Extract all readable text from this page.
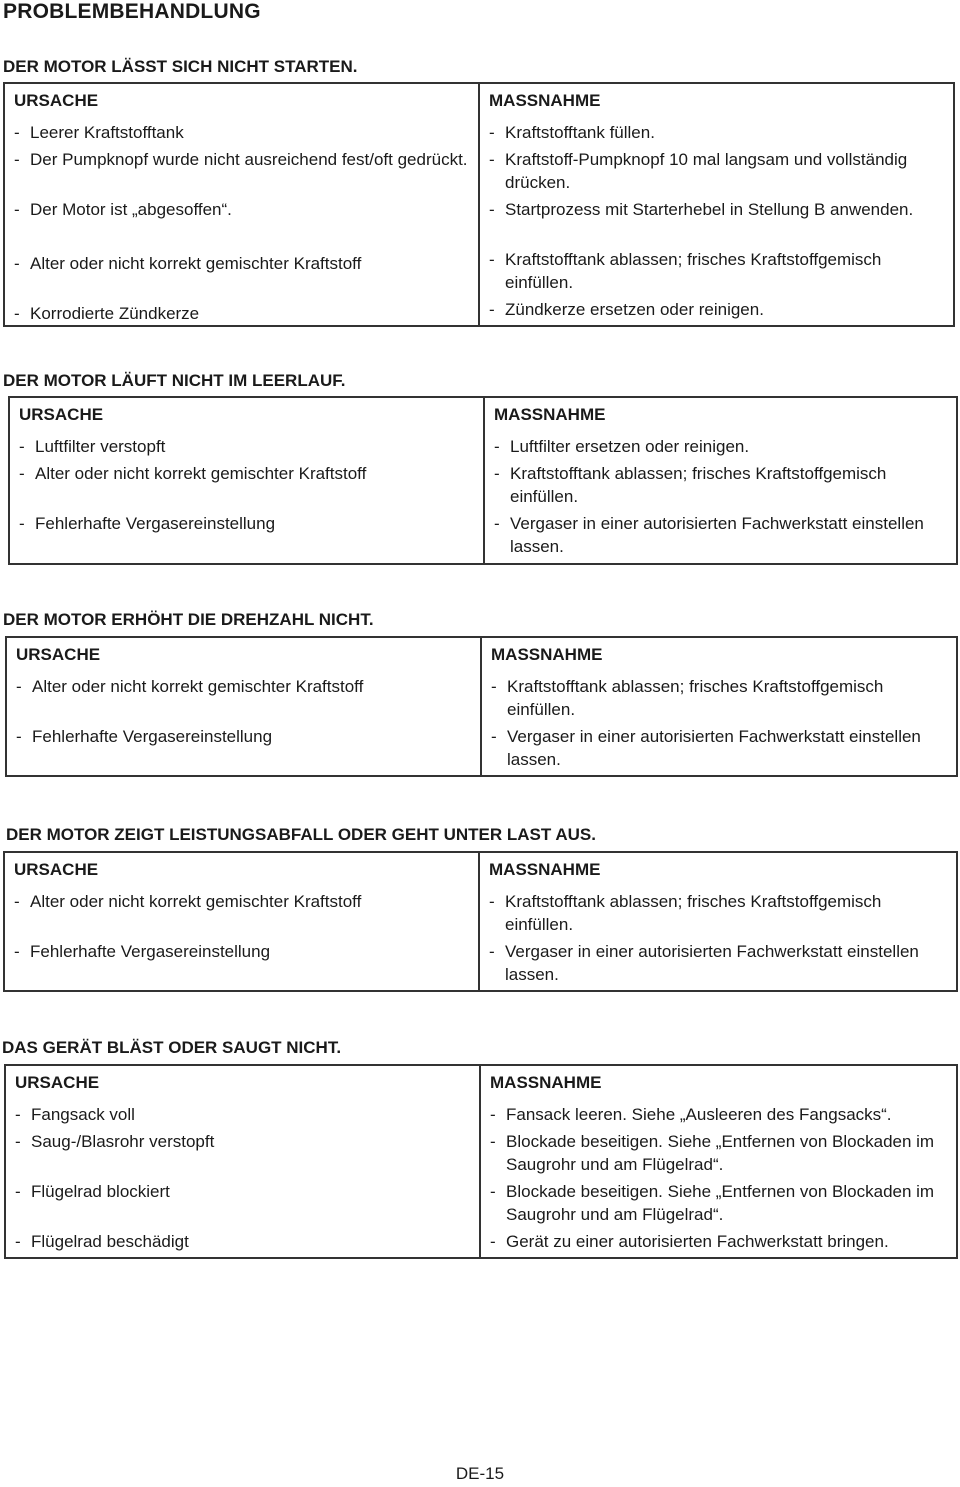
PROBLEMBEHANDLUNG
DER MOTOR LÄSST SICH NICHT STARTEN.
URSACHE
- Leerer Kraftstofftank
- Der Pumpknopf wurde nicht ausreichend fest/oft gedrückt.
- Der Motor ist „abgesoffen“.
- Alter oder nicht korrekt gemischter Kraftstoff
- Korrodierte Zündkerze
MASSNAHME
- Kraftstofftank füllen.
- Kraftstoff-Pumpknopf 10 mal langsam und vollständig drücken.
- Startprozess mit Starterhebel in Stellung B anwenden.
- Kraftstofftank ablassen; frisches Kraftstoffgemisch einfüllen.
- Zündkerze ersetzen oder reinigen.
DER MOTOR LÄUFT NICHT IM LEERLAUF.
URSACHE
- Luftfilter verstopft
- Alter oder nicht korrekt gemischter Kraftstoff
- Fehlerhafte Vergasereinstellung
MASSNAHME
- Luftfilter ersetzen oder reinigen.
- Kraftstofftank ablassen; frisches Kraftstoffgemisch einfüllen.
- Vergaser in einer autorisierten Fachwerkstatt einstellen lassen.
DER MOTOR ERHÖHT DIE DREHZAHL NICHT.
URSACHE
- Alter oder nicht korrekt gemischter Kraftstoff
- Fehlerhafte Vergasereinstellung
MASSNAHME
- Kraftstofftank ablassen; frisches Kraftstoffgemisch einfüllen.
- Vergaser in einer autorisierten Fachwerkstatt einstellen lassen.
DER MOTOR ZEIGT LEISTUNGSABFALL ODER GEHT UNTER LAST AUS.
URSACHE
- Alter oder nicht korrekt gemischter Kraftstoff
- Fehlerhafte Vergasereinstellung
MASSNAHME
- Kraftstofftank ablassen; frisches Kraftstoffgemisch einfüllen.
- Vergaser in einer autorisierten Fachwerkstatt einstellen lassen.
DAS GERÄT BLÄST ODER SAUGT NICHT.
URSACHE
- Fangsack voll
- Saug-/Blasrohr verstopft
- Flügelrad blockiert
- Flügelrad beschädigt
MASSNAHME
- Fansack leeren. Siehe „Ausleeren des Fangsacks“.
- Blockade beseitigen. Siehe „Entfernen von Blockaden im Saugrohr und am Flügelrad“.
- Blockade beseitigen. Siehe „Entfernen von Blockaden im Saugrohr und am Flügelrad“.
- Gerät zu einer autorisierten Fachwerkstatt bringen.
DE-15
